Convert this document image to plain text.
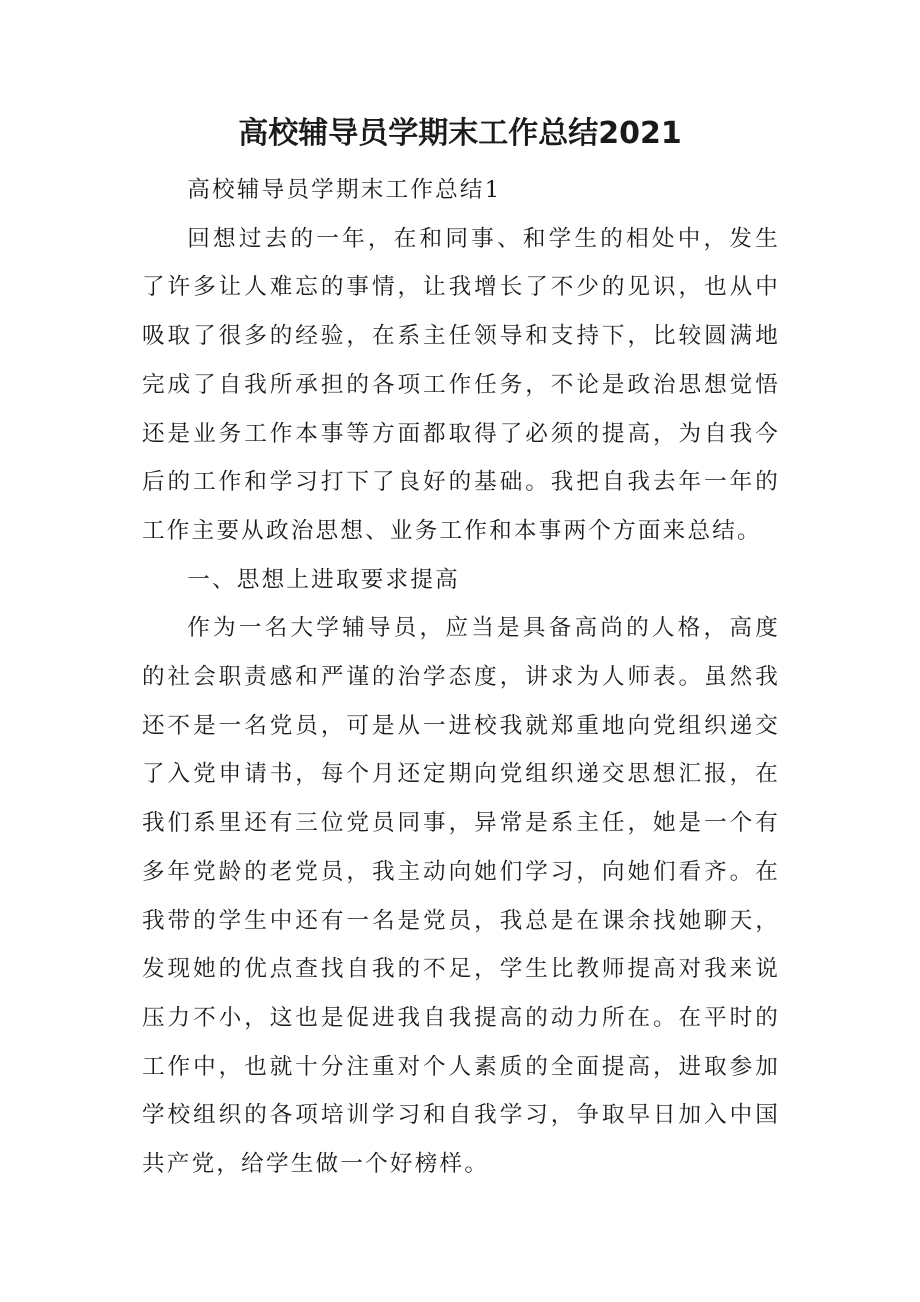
高校辅导员学期末工作总结2021

高校辅导员学期末工作总结1

回想过去的一年，在和同事、和学生的相处中，发生了许多让人难忘的事情，让我增长了不少的见识，也从中吸取了很多的经验，在系主任领导和支持下，比较圆满地完成了自我所承担的各项工作任务，不论是政治思想觉悟还是业务工作本事等方面都取得了必须的提高，为自我今后的工作和学习打下了良好的基础。我把自我去年一年的工作主要从政治思想、业务工作和本事两个方面来总结。

一、思想上进取要求提高

作为一名大学辅导员，应当是具备高尚的人格，高度的社会职责感和严谨的治学态度，讲求为人师表。虽然我还不是一名党员，可是从一进校我就郑重地向党组织递交了入党申请书，每个月还定期向党组织递交思想汇报，在我们系里还有三位党员同事，异常是系主任，她是一个有多年党龄的老党员，我主动向她们学习，向她们看齐。在我带的学生中还有一名是党员，我总是在课余找她聊天，发现她的优点查找自我的不足，学生比教师提高对我来说压力不小，这也是促进我自我提高的动力所在。在平时的工作中，也就十分注重对个人素质的全面提高，进取参加学校组织的各项培训学习和自我学习，争取早日加入中国共产党，给学生做一个好榜样。
